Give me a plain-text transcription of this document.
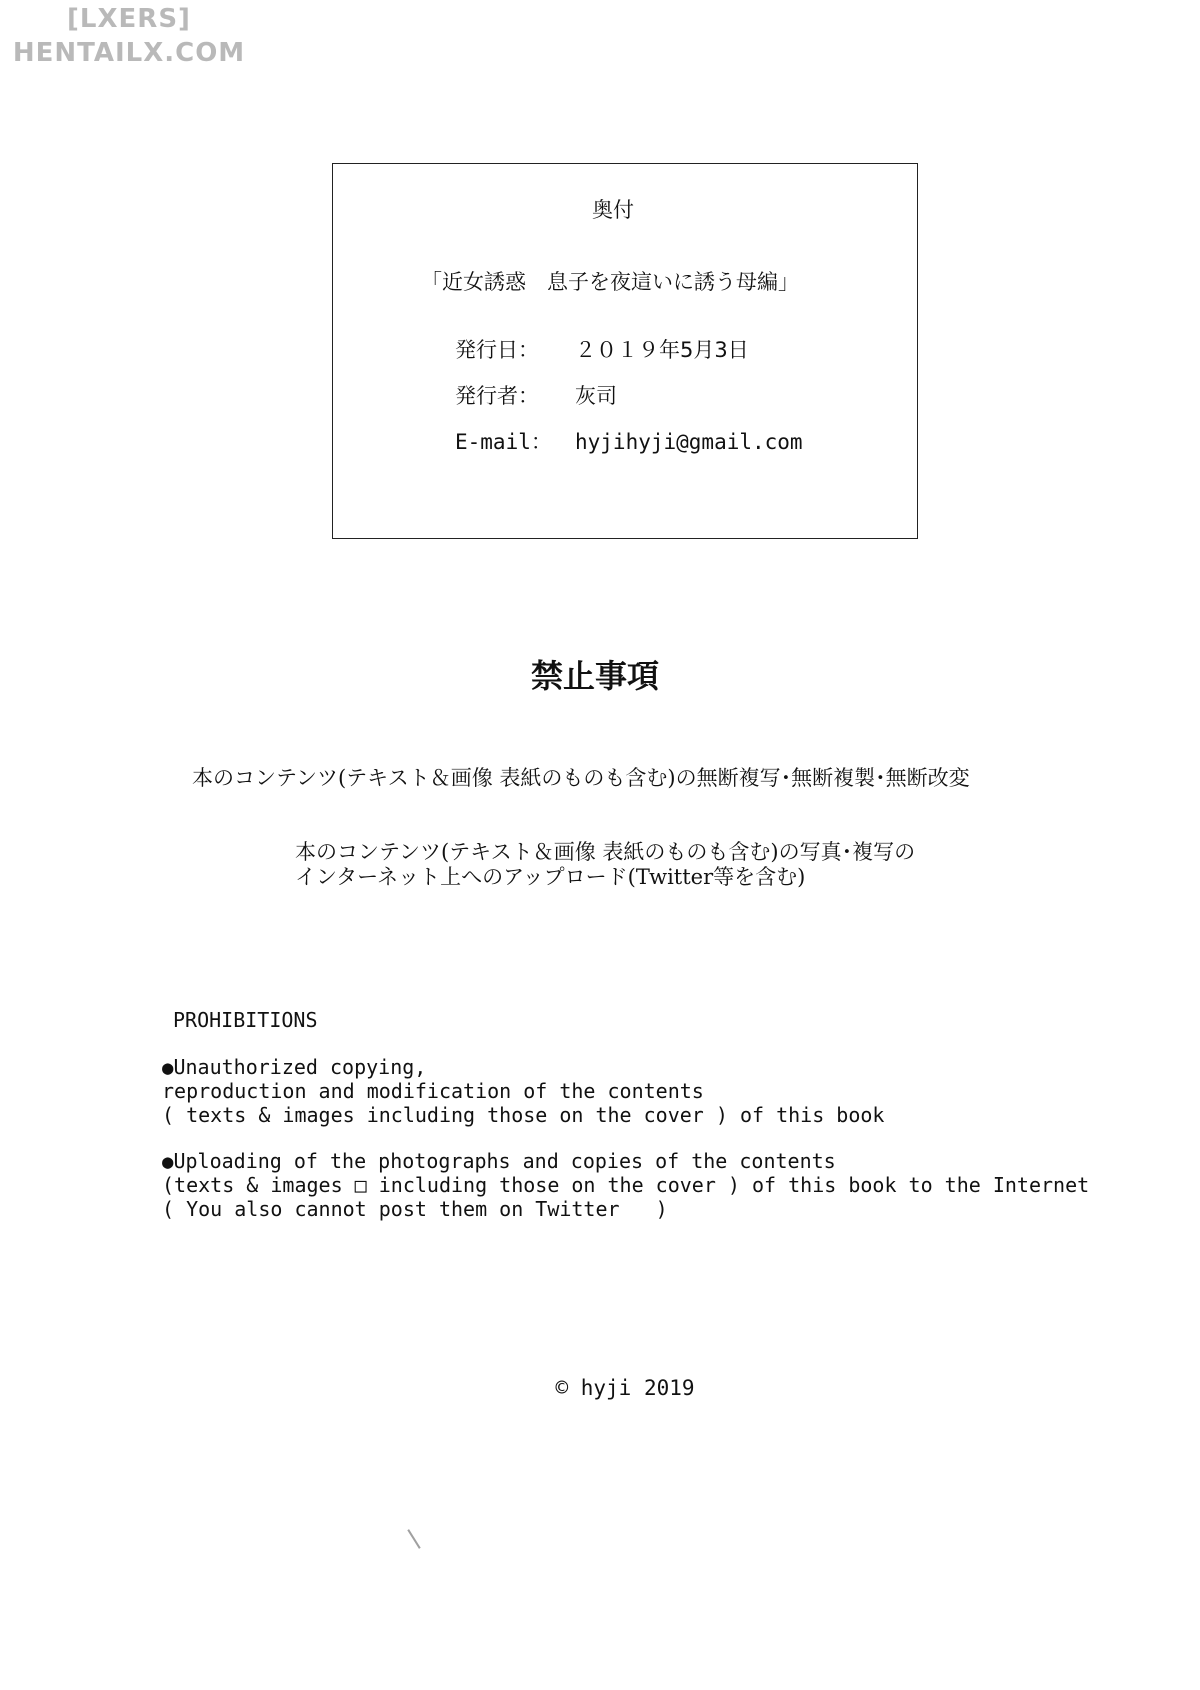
[LXERS]
HENTAILX.COM
奥付
「近女誘惑　息子を夜這いに誘う母編」
発行日： ２０１９年5月3日
発行者： 灰司
E-mail： hyjihyji@gmail.com
禁止事項
本のコンテンツ(テキスト＆画像 表紙のものも含む)の無断複写･無断複製･無断改変
本のコンテンツ(テキスト＆画像 表紙のものも含む)の写真･複写の
インターネット上へのアップロード(Twitter等を含む)
PROHIBITIONS
●Unauthorized copying,
reproduction and modification of the contents
( texts & images including those on the cover ) of this book
●Uploading of the photographs and copies of the contents
(texts & images □ including those on the cover ) of this book to the Internet
( You also cannot post them on Twitter   )
© hyji 2019
